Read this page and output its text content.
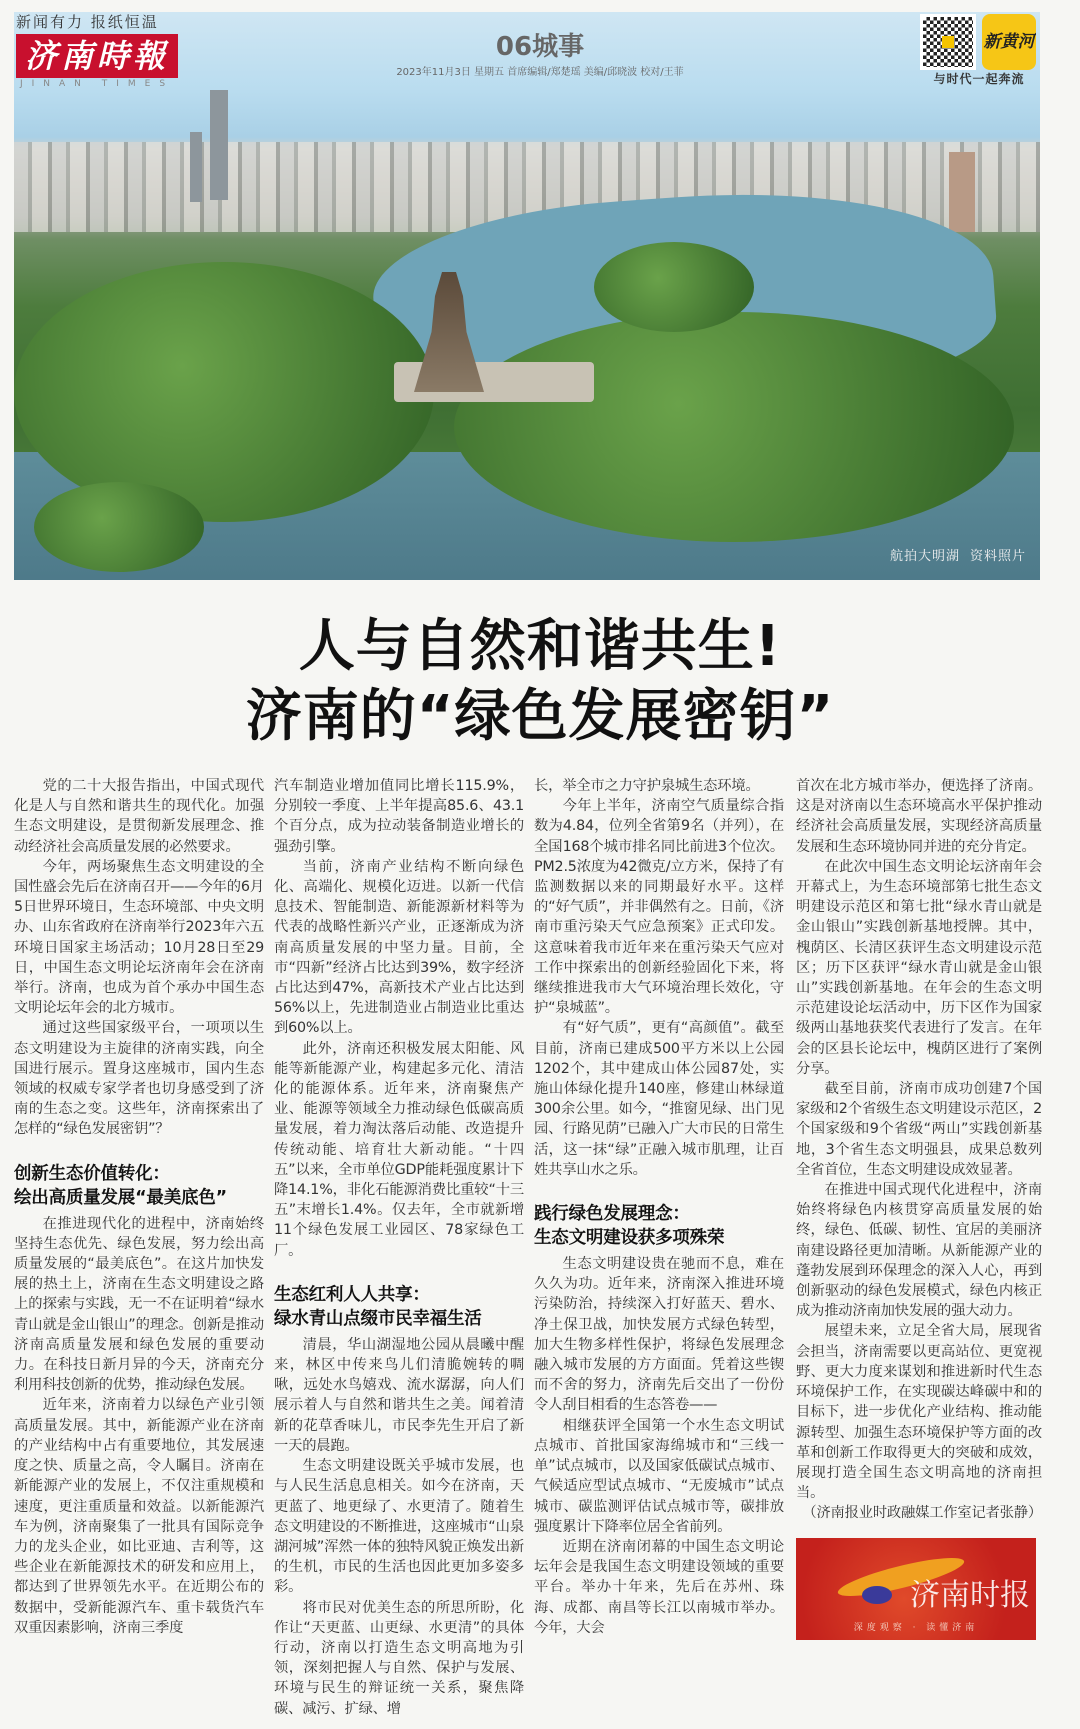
航拍大明湖 资料照片
新闻有力 报纸恒温
济南時報
JINAN TIMES
06城事
2023年11月3日 星期五 首席编辑/郑楚瑶 美编/邱晓波 校对/王菲
新黄河
与时代一起奔流
人与自然和谐共生!
济南的“绿色发展密钥”

党的二十大报告指出，中国式现代化是人与自然和谐共生的现代化。加强生态文明建设，是贯彻新发展理念、推动经济社会高质量发展的必然要求。

今年，两场聚焦生态文明建设的全国性盛会先后在济南召开——今年的6月5日世界环境日，生态环境部、中央文明办、山东省政府在济南举行2023年六五环境日国家主场活动；10月28日至29日，中国生态文明论坛济南年会在济南举行。济南，也成为首个承办中国生态文明论坛年会的北方城市。

通过这些国家级平台，一项项以生态文明建设为主旋律的济南实践，向全国进行展示。置身这座城市，国内生态领域的权威专家学者也切身感受到了济南的生态之变。这些年，济南探索出了怎样的“绿色发展密钥”？

创新生态价值转化：
绘出高质量发展“最美底色”

在推进现代化的进程中，济南始终坚持生态优先、绿色发展，努力绘出高质量发展的“最美底色”。在这片加快发展的热土上，济南在生态文明建设之路上的探索与实践，无一不在证明着“绿水青山就是金山银山”的理念。创新是推动济南高质量发展和绿色发展的重要动力。在科技日新月异的今天，济南充分利用科技创新的优势，推动绿色发展。

近年来，济南着力以绿色产业引领高质量发展。其中，新能源产业在济南的产业结构中占有重要地位，其发展速度之快、质量之高，令人瞩目。济南在新能源产业的发展上，不仅注重规模和速度，更注重质量和效益。以新能源汽车为例，济南聚集了一批具有国际竞争力的龙头企业，如比亚迪、吉利等，这些企业在新能源技术的研发和应用上，都达到了世界领先水平。在近期公布的数据中，受新能源汽车、重卡载货汽车双重因素影响，济南三季度

汽车制造业增加值同比增长115.9%，分别较一季度、上半年提高85.6、43.1个百分点，成为拉动装备制造业增长的强劲引擎。

当前，济南产业结构不断向绿色化、高端化、规模化迈进。以新一代信息技术、智能制造、新能源新材料等为代表的战略性新兴产业，正逐渐成为济南高质量发展的中坚力量。目前，全市“四新”经济占比达到39%，数字经济占比达到47%，高新技术产业占比达到56%以上，先进制造业占制造业比重达到60%以上。

此外，济南还积极发展太阳能、风能等新能源产业，构建起多元化、清洁化的能源体系。近年来，济南聚焦产业、能源等领域全力推动绿色低碳高质量发展，着力淘汰落后动能、改造提升传统动能、培育壮大新动能。“十四五”以来，全市单位GDP能耗强度累计下降14.1%，非化石能源消费比重较“十三五”末增长1.4%。仅去年，全市就新增11个绿色发展工业园区、78家绿色工厂。

生态红利人人共享：
绿水青山点缀市民幸福生活

清晨，华山湖湿地公园从晨曦中醒来，林区中传来鸟儿们清脆婉转的啁啾，远处水鸟嬉戏、流水潺潺，向人们展示着人与自然和谐共生之美。闻着清新的花草香味儿，市民李先生开启了新一天的晨跑。

生态文明建设既关乎城市发展，也与人民生活息息相关。如今在济南，天更蓝了、地更绿了、水更清了。随着生态文明建设的不断推进，这座城市“山泉湖河城”浑然一体的独特风貌正焕发出新的生机，市民的生活也因此更加多姿多彩。

将市民对优美生态的所思所盼，化作让“天更蓝、山更绿、水更清”的具体行动，济南以打造生态文明高地为引领，深刻把握人与自然、保护与发展、环境与民生的辩证统一关系，聚焦降碳、减污、扩绿、增

长，举全市之力守护泉城生态环境。

今年上半年，济南空气质量综合指数为4.84，位列全省第9名（并列），在全国168个城市排名同比前进3个位次。PM2.5浓度为42微克/立方米，保持了有监测数据以来的同期最好水平。这样的“好气质”，并非偶然有之。日前，《济南市重污染天气应急预案》正式印发。这意味着我市近年来在重污染天气应对工作中探索出的创新经验固化下来，将继续推进我市大气环境治理长效化，守护“泉城蓝”。

有“好气质”，更有“高颜值”。截至目前，济南已建成500平方米以上公园1202个，其中建成山体公园87处，实施山体绿化提升140座，修建山林绿道300余公里。如今，“推窗见绿、出门见园、行路见荫”已融入广大市民的日常生活，这一抹“绿”正融入城市肌理，让百姓共享山水之乐。

践行绿色发展理念：
生态文明建设获多项殊荣

生态文明建设贵在驰而不息，难在久久为功。近年来，济南深入推进环境污染防治，持续深入打好蓝天、碧水、净土保卫战，加快发展方式绿色转型，加大生物多样性保护，将绿色发展理念融入城市发展的方方面面。凭着这些锲而不舍的努力，济南先后交出了一份份令人刮目相看的生态答卷——

相继获评全国第一个水生态文明试点城市、首批国家海绵城市和“三线一单”试点城市，以及国家低碳试点城市、气候适应型试点城市、“无废城市”试点城市、碳监测评估试点城市等，碳排放强度累计下降率位居全省前列。

近期在济南闭幕的中国生态文明论坛年会是我国生态文明建设领域的重要平台。举办十年来，先后在苏州、珠海、成都、南昌等长江以南城市举办。今年，大会

首次在北方城市举办，便选择了济南。这是对济南以生态环境高水平保护推动经济社会高质量发展，实现经济高质量发展和生态环境协同并进的充分肯定。

在此次中国生态文明论坛济南年会开幕式上，为生态环境部第七批生态文明建设示范区和第七批“绿水青山就是金山银山”实践创新基地授牌。其中，槐荫区、长清区获评生态文明建设示范区；历下区获评“绿水青山就是金山银山”实践创新基地。在年会的生态文明示范建设论坛活动中，历下区作为国家级两山基地获奖代表进行了发言。在年会的区县长论坛中，槐荫区进行了案例分享。

截至目前，济南市成功创建7个国家级和2个省级生态文明建设示范区，2个国家级和9个省级“两山”实践创新基地，3个省生态文明强县，成果总数列全省首位，生态文明建设成效显著。

在推进中国式现代化进程中，济南始终将绿色内核贯穿高质量发展的始终，绿色、低碳、韧性、宜居的美丽济南建设路径更加清晰。从新能源产业的蓬勃发展到环保理念的深入人心，再到创新驱动的绿色发展模式，绿色内核正成为推动济南加快发展的强大动力。

展望未来，立足全省大局，展现省会担当，济南需要以更高站位、更宽视野、更大力度来谋划和推进新时代生态环境保护工作，在实现碳达峰碳中和的目标下，进一步优化产业结构、推动能源转型、加强生态环境保护等方面的改革和创新工作取得更大的突破和成效，展现打造全国生态文明高地的济南担当。

（济南报业时政融媒工作室记者张静）

济南时报
深度观察 · 读懂济南
